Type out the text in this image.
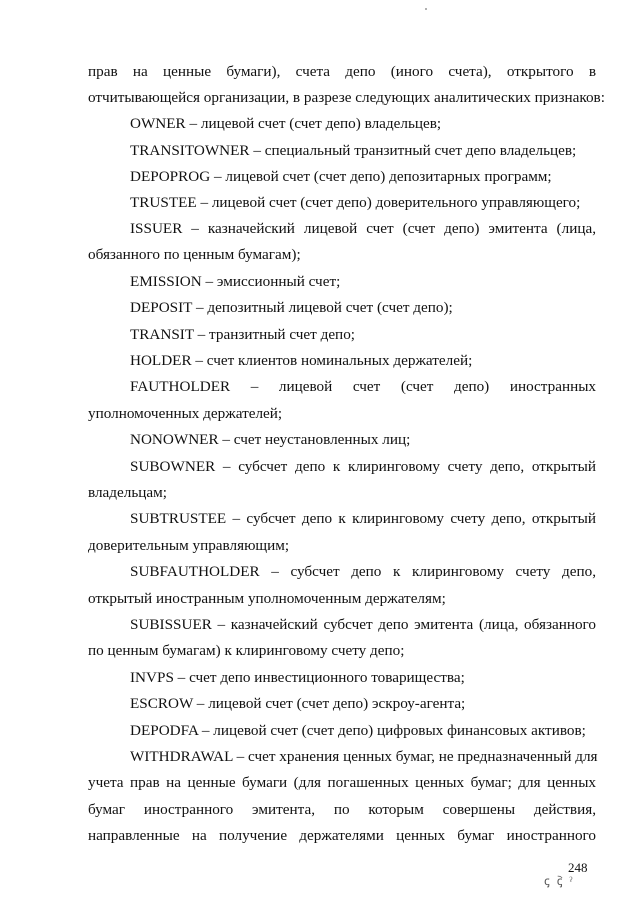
прав на ценные бумаги), счета депо (иного счета), открытого в
отчитывающейся организации, в разрезе следующих аналитических признаков:
OWNER – лицевой счет (счет депо) владельцев;
TRANSITOWNER – специальный транзитный счет депо владельцев;
DEPOPROG – лицевой счет (счет депо) депозитарных программ;
TRUSTEE – лицевой счет (счет депо) доверительного управляющего;
ISSUER – казначейский лицевой счет (счет депо) эмитента (лица,
обязанного по ценным бумагам);
EMISSION – эмиссионный счет;
DEPOSIT – депозитный лицевой счет (счет депо);
TRANSIT – транзитный счет депо;
HOLDER – счет клиентов номинальных держателей;
FAUTHOLDER – лицевой счет (счет депо) иностранных
уполномоченных держателей;
NONOWNER – счет неустановленных лиц;
SUBOWNER – субсчет депо к клиринговому счету депо, открытый
владельцам;
SUBTRUSTEE – субсчет депо к клиринговому счету депо, открытый
доверительным управляющим;
SUBFAUTHOLDER – субсчет депо к клиринговому счету депо,
открытый иностранным уполномоченным держателям;
SUBISSUER – казначейский субсчет депо эмитента (лица, обязанного
по ценным бумагам) к клиринговому счету депо;
INVPS – счет депо инвестиционного товарищества;
ESCROW – лицевой счет (счет депо) эскроу-агента;
DEPODFA – лицевой счет (счет депо) цифровых финансовых активов;
WITHDRAWAL – счет хранения ценных бумаг, не предназначенный для
учета прав на ценные бумаги (для погашенных ценных бумаг; для ценных
бумаг иностранного эмитента, по которым совершены действия,
направленные на получение держателями ценных бумаг иностранного
248
ꞔ ꞔ︡ ˀ
